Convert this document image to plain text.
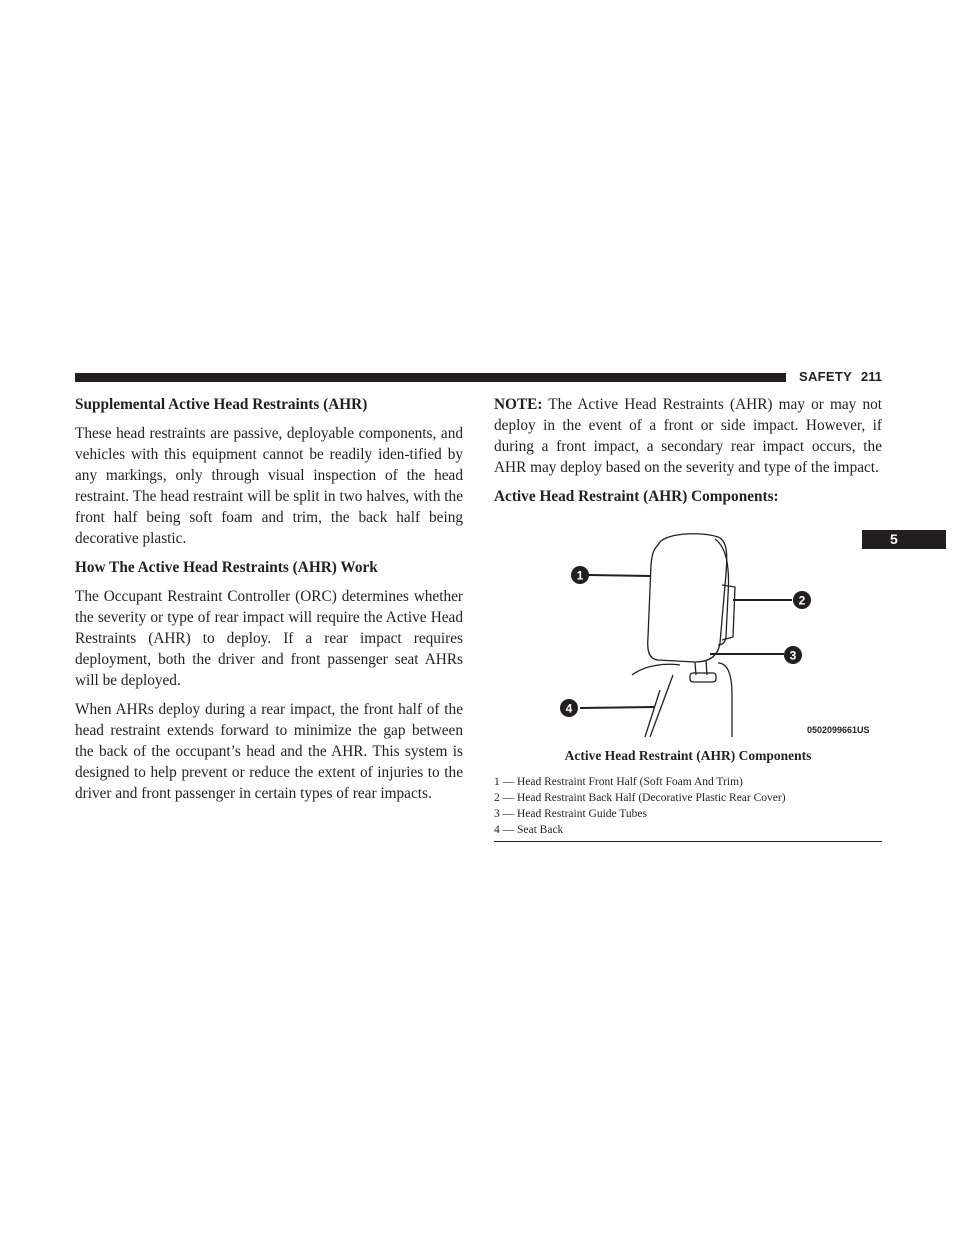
SAFETY 211
5

Supplemental Active Head Restraints (AHR)

These head restraints are passive, deployable components, and vehicles with this equipment cannot be readily iden-tified by any markings, only through visual inspection of the head restraint. The head restraint will be split in two halves, with the front half being soft foam and trim, the back half being decorative plastic.

How The Active Head Restraints (AHR) Work

The Occupant Restraint Controller (ORC) determines whether the severity or type of rear impact will require the Active Head Restraints (AHR) to deploy. If a rear impact requires deployment, both the driver and front passenger seat AHRs will be deployed.

When AHRs deploy during a rear impact, the front half of the head restraint extends forward to minimize the gap between the back of the occupant’s head and the AHR. This system is designed to help prevent or reduce the extent of injuries to the driver and front passenger in certain types of rear impacts.

NOTE: The Active Head Restraints (AHR) may or may not deploy in the event of a front or side impact. However, if during a front impact, a secondary rear impact occurs, the AHR may deploy based on the severity and type of the impact.

Active Head Restraint (AHR) Components:

1
2
3
4
0502099661US
Active Head Restraint (AHR) Components
1 — Head Restraint Front Half (Soft Foam And Trim)
2 — Head Restraint Back Half (Decorative Plastic Rear Cover)
3 — Head Restraint Guide Tubes
4 — Seat Back
